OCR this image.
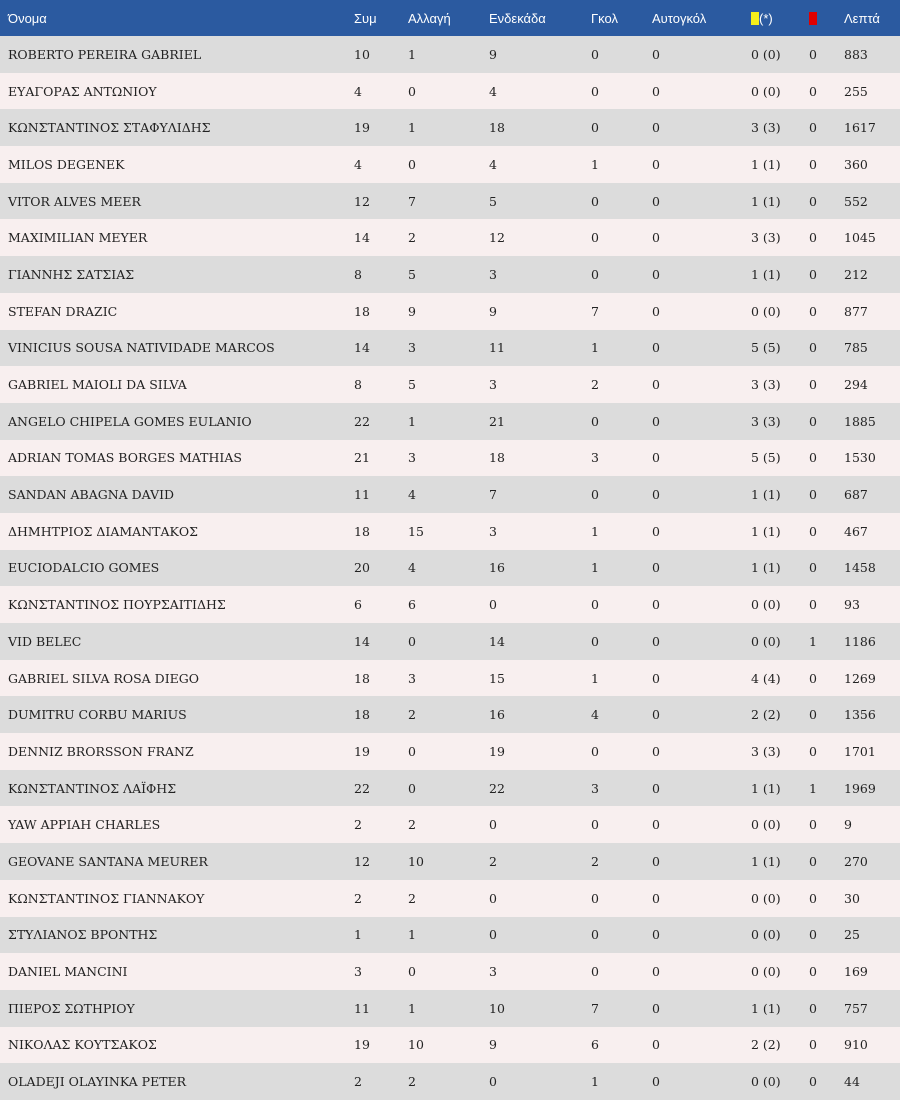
Όνομα	Συμ	Αλλαγή	Ενδεκάδα	Γκολ	Αυτογκόλ	(*)		Λεπτά
ROBERTO PEREIRA GABRIEL	10	1	9	0	0	0 (0)	0	883
ΕΥΑΓΟΡΑΣ ΑΝΤΩΝΙΟΥ	4	0	4	0	0	0 (0)	0	255
ΚΩΝΣΤΑΝΤΙΝΟΣ ΣΤΑΦΥΛΙΔΗΣ	19	1	18	0	0	3 (3)	0	1617
MILOS DEGENEK	4	0	4	1	0	1 (1)	0	360
VITOR ALVES MEER	12	7	5	0	0	1 (1)	0	552
MAXIMILIAN MEYER	14	2	12	0	0	3 (3)	0	1045
ΓΙΑΝΝΗΣ ΣΑΤΣΙΑΣ	8	5	3	0	0	1 (1)	0	212
STEFAN DRAZIC	18	9	9	7	0	0 (0)	0	877
VINICIUS SOUSA NATIVIDADE MARCOS	14	3	11	1	0	5 (5)	0	785
GABRIEL MAIOLI DA SILVA	8	5	3	2	0	3 (3)	0	294
ANGELO CHIPELA GOMES EULANIO	22	1	21	0	0	3 (3)	0	1885
ADRIAN TOMAS BORGES MATHIAS	21	3	18	3	0	5 (5)	0	1530
SANDAN ABAGNA DAVID	11	4	7	0	0	1 (1)	0	687
ΔΗΜΗΤΡΙΟΣ ΔΙΑΜΑΝΤΑΚΟΣ	18	15	3	1	0	1 (1)	0	467
EUCIODALCIO GOMES	20	4	16	1	0	1 (1)	0	1458
ΚΩΝΣΤΑΝΤΙΝΟΣ ΠΟΥΡΣΑΙΤΙΔΗΣ	6	6	0	0	0	0 (0)	0	93
VID BELEC	14	0	14	0	0	0 (0)	1	1186
GABRIEL SILVA ROSA DIEGO	18	3	15	1	0	4 (4)	0	1269
DUMITRU CORBU MARIUS	18	2	16	4	0	2 (2)	0	1356
DENNIZ BRORSSON FRANZ	19	0	19	0	0	3 (3)	0	1701
ΚΩΝΣΤΑΝΤΙΝΟΣ ΛΑΪΦΗΣ	22	0	22	3	0	1 (1)	1	1969
YAW APPIAH CHARLES	2	2	0	0	0	0 (0)	0	9
GEOVANE SANTANA MEURER	12	10	2	2	0	1 (1)	0	270
ΚΩΝΣΤΑΝΤΙΝΟΣ ΓΙΑΝΝΑΚΟΥ	2	2	0	0	0	0 (0)	0	30
ΣΤΥΛΙΑΝΟΣ ΒΡΟΝΤΗΣ	1	1	0	0	0	0 (0)	0	25
DANIEL MANCINI	3	0	3	0	0	0 (0)	0	169
ΠΙΕΡΟΣ ΣΩΤΗΡΙΟΥ	11	1	10	7	0	1 (1)	0	757
ΝΙΚΟΛΑΣ ΚΟΥΤΣΑΚΟΣ	19	10	9	6	0	2 (2)	0	910
OLADEJI OLAYINKA PETER	2	2	0	1	0	0 (0)	0	44
